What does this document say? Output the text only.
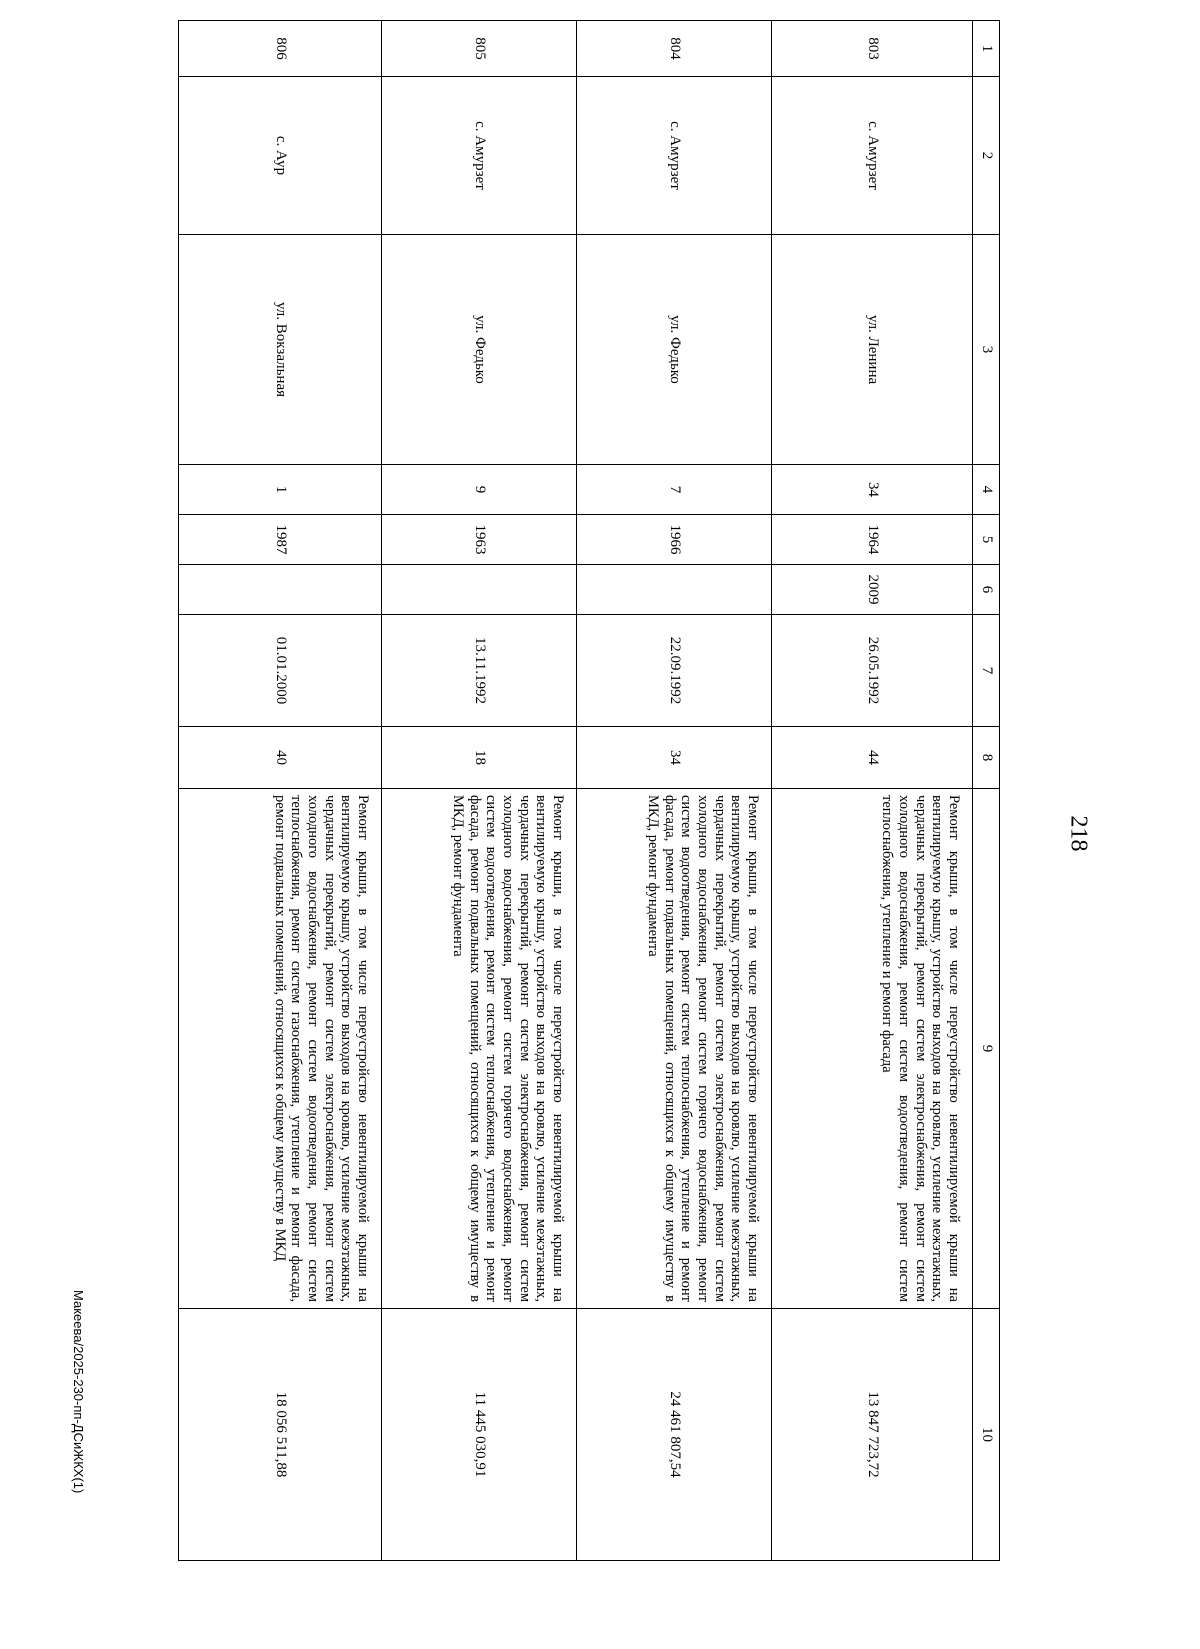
218
1	2	3	4	5	6	7	8	9	10
803	с. Амурзет	ул. Ленина	34	1964	2009	26.05.1992	44	Ремонт крыши, в том числе переустройство невентилируемой крыши на вентилируемую крышу, устройство выходов на кровлю, усиление межэтажных, чердачных перекрытий, ремонт систем электроснабжения, ремонт систем холодного водоснабжения, ремонт систем водоотведения, ремонт систем теплоснабжения, утепление и ремонт фасада	13 847 723,72
804	с. Амурзет	ул. Федько	7	1966		22.09.1992	34	Ремонт крыши, в том числе переустройство невентилируемой крыши на вентилируемую крышу, устройство выходов на кровлю, усиление межэтажных, чердачных перекрытий, ремонт систем электроснабжения, ремонт систем холодного водоснабжения, ремонт систем горячего водоснабжения, ремонт систем водоотведения, ремонт систем теплоснабжения, утепление и ремонт фасада, ремонт подвальных помещений, относящихся к общему имуществу в МКД, ремонт фундамента	24 461 807,54
805	с. Амурзет	ул. Федько	9	1963		13.11.1992	18	Ремонт крыши, в том числе переустройство невентилируемой крыши на вентилируемую крышу, устройство выходов на кровлю, усиление межэтажных, чердачных перекрытий, ремонт систем электроснабжения, ремонт систем холодного водоснабжения, ремонт систем горячего водоснабжения, ремонт систем водоотведения, ремонт систем теплоснабжения, утепление и ремонт фасада, ремонт подвальных помещений, относящихся к общему имуществу в МКД, ремонт фундамента	11 445 030,91
806	с. Аур	ул. Вокзальная	1	1987		01.01.2000	40	Ремонт крыши, в том числе переустройство невентилируемой крыши на вентилируемую крышу, устройство выходов на кровлю, усиление межэтажных, чердачных перекрытий, ремонт систем электроснабжения, ремонт систем холодного водоснабжения, ремонт систем водоотведения, ремонт систем теплоснабжения, ремонт систем газоснабжения, утепление и ремонт фасада, ремонт подвальных помещений, относящихся к общему имуществу в МКД	18 056 511,88
Макеева/2025-230-пп-ДСиЖКХ(1)
